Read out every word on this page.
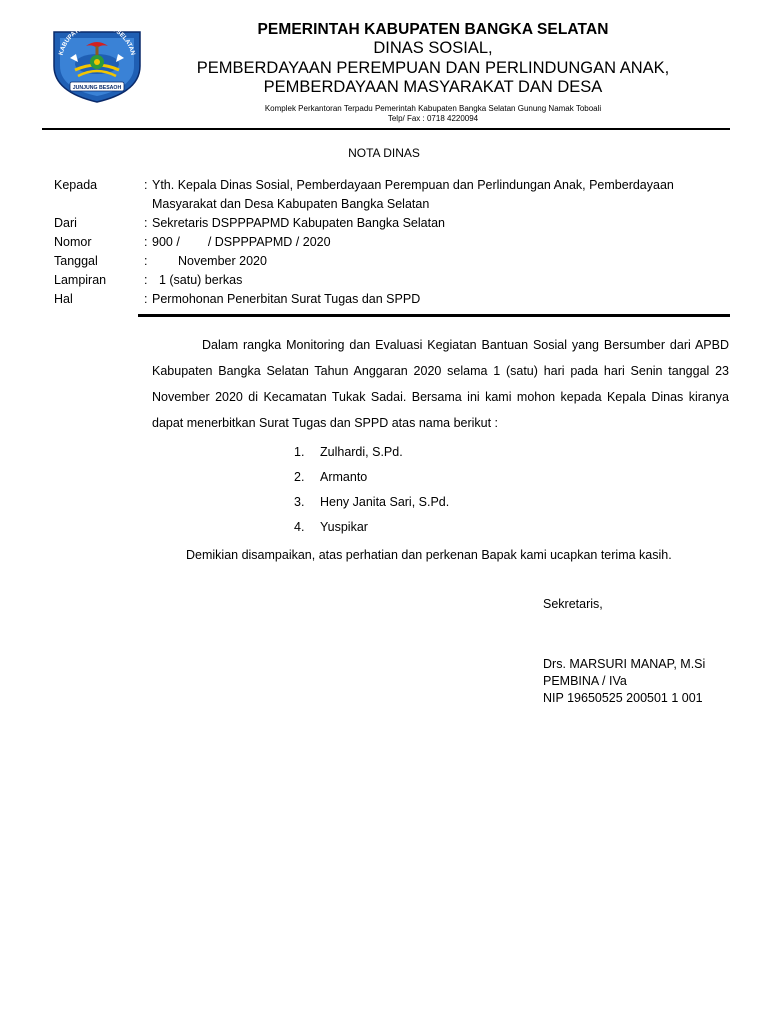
KABUPATEN BANGKA SELATAN
JUNJUNG BESAOH
PEMERINTAH KABUPATEN BANGKA SELATAN
DINAS SOSIAL,
PEMBERDAYAAN PEREMPUAN DAN PERLINDUNGAN ANAK,
PEMBERDAYAAN MASYARAKAT DAN DESA
Komplek Perkantoran Terpadu Pemerintah Kabupaten Bangka Selatan Gunung Namak Toboali
Telp/ Fax : 0718 4220094
NOTA DINAS
Kepada	: Yth. Kepala Dinas Sosial, Pemberdayaan Perempuan dan Perlindungan Anak, Pemberdayaan
Masyarakat dan Desa Kabupaten Bangka Selatan
Dari	: Sekretaris DSPPPAPMD Kabupaten Bangka Selatan
Nomor	: 900 / / DSPPPAPMD / 2020
Tanggal	:	November 2020
Lampiran	: 1 (satu) berkas
Hal	: Permohonan Penerbitan Surat Tugas dan SPPD

Dalam rangka Monitoring dan Evaluasi Kegiatan Bantuan Sosial yang Bersumber dari APBD Kabupaten Bangka Selatan Tahun Anggaran 2020 selama 1 (satu) hari pada hari Senin tanggal 23 November 2020 di Kecamatan Tukak Sadai. Bersama ini kami mohon kepada Kepala Dinas kiranya dapat menerbitkan Surat Tugas dan SPPD atas nama berikut :

1.	Zulhardi, S.Pd.
2.	Armanto
3.	Heny Janita Sari, S.Pd.
4.	Yuspikar

Demikian disampaikan, atas perhatian dan perkenan Bapak kami ucapkan terima kasih.

Sekretaris,
Drs. MARSURI MANAP, M.Si
PEMBINA / IVa
NIP 19650525 200501 1 001
